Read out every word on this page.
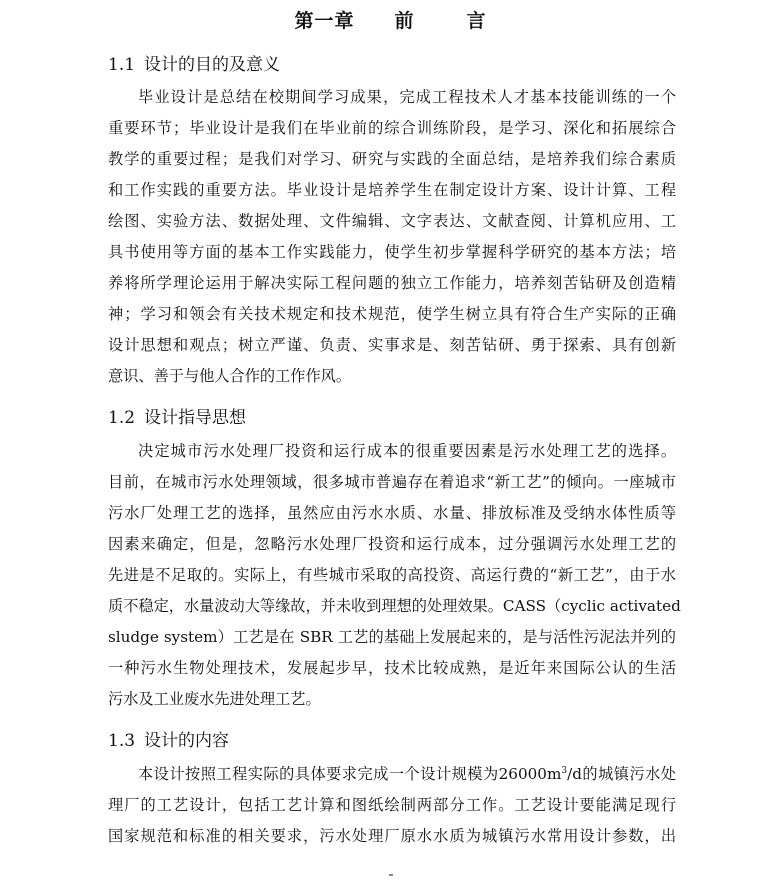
第一章 前	言
1.1 设计的目的及意义
毕业设计是总结在校期间学习成果，完成工程技术人才基本技能训练的一个
重要环节；毕业设计是我们在毕业前的综合训练阶段，是学习、深化和拓展综合
教学的重要过程；是我们对学习、研究与实践的全面总结，是培养我们综合素质
和工作实践的重要方法。毕业设计是培养学生在制定设计方案、设计计算、工程
绘图、实验方法、数据处理、文件编辑、文字表达、文献查阅、计算机应用、工
具书使用等方面的基本工作实践能力，使学生初步掌握科学研究的基本方法；培
养将所学理论运用于解决实际工程问题的独立工作能力，培养刻苦钻研及创造精
神；学习和领会有关技术规定和技术规范，使学生树立具有符合生产实际的正确
设计思想和观点；树立严谨、负责、实事求是、刻苦钻研、勇于探索、具有创新
意识、善于与他人合作的工作作风。
1.2 设计指导思想
决定城市污水处理厂投资和运行成本的很重要因素是污水处理工艺的选择。
目前，在城市污水处理领域，很多城市普遍存在着追求“新工艺”的倾向。一座城市
污水厂处理工艺的选择，虽然应由污水水质、水量、排放标准及受纳水体性质等
因素来确定，但是，忽略污水处理厂投资和运行成本，过分强调污水处理工艺的
先进是不足取的。实际上，有些城市采取的高投资、高运行费的“新工艺”，由于水
质不稳定，水量波动大等缘故，并未收到理想的处理效果。CASS（cyclic activated
sludge system）工艺是在 SBR 工艺的基础上发展起来的，是与活性污泥法并列的
一种污水生物处理技术，发展起步早，技术比较成熟，是近年来国际公认的生活
污水及工业废水先进处理工艺。
1.3 设计的内容
本设计按照工程实际的具体要求完成一个设计规模为$26000m^3/d$的城镇污水处
理厂的工艺设计，包括工艺计算和图纸绘制两部分工作。工艺设计要能满足现行
国家规范和标准的相关要求，污水处理厂原水水质为城镇污水常用设计参数，出
